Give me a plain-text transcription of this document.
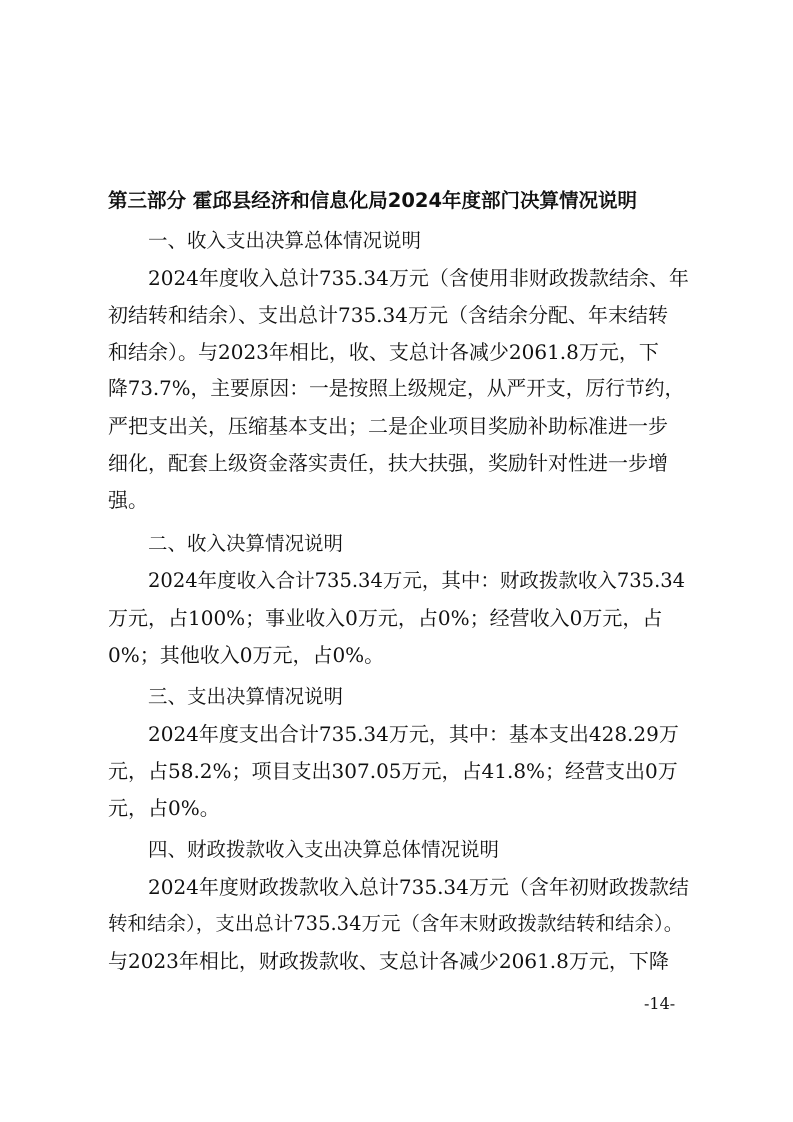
第三部分 霍邱县经济和信息化局2024年度部门决算情况说明
一、收入支出决算总体情况说明
2024年度收入总计735.34万元（含使用非财政拨款结余、年
初结转和结余）、支出总计735.34万元（含结余分配、年末结转
和结余）。与2023年相比，收、支总计各减少2061.8万元，下
降73.7%，主要原因：一是按照上级规定，从严开支，厉行节约，
严把支出关，压缩基本支出；二是企业项目奖励补助标准进一步
细化，配套上级资金落实责任，扶大扶强，奖励针对性进一步增
强。
二、收入决算情况说明
2024年度收入合计735.34万元，其中：财政拨款收入735.34
万元，占100%；事业收入0万元，占0%；经营收入0万元，占
0%；其他收入0万元，占0%。
三、支出决算情况说明
2024年度支出合计735.34万元，其中：基本支出428.29万
元，占58.2%；项目支出307.05万元，占41.8%；经营支出0万
元，占0%。
四、财政拨款收入支出决算总体情况说明
2024年度财政拨款收入总计735.34万元（含年初财政拨款结
转和结余），支出总计735.34万元（含年末财政拨款结转和结余）。
与2023年相比，财政拨款收、支总计各减少2061.8万元，下降
-14-
